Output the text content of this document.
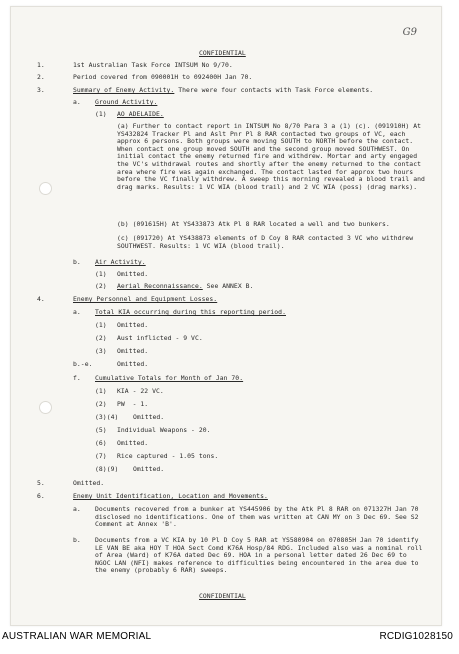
G9
CONFIDENTIAL
1.	1st Australian Task Force INTSUM No 9/70.
2.	Period covered from 090001H to 092400H Jan 70.
3.	Summary of Enemy Activity. There were four contacts with Task Force elements.
a. Ground Activity.
(1) AO ADELAIDE.
(a) Further to contact report in INTSUM No 8/70 Para 3 a (1) (c). (091910H) At YS432824 Tracker Pl and Aslt Pnr Pl 8 RAR contacted two groups of VC, each approx 6 persons. Both groups were moving SOUTH to NORTH before the contact. When contact one group moved SOUTH and the second group moved SOUTHWEST. On initial contact the enemy returned fire and withdrew. Mortar and arty engaged the VC's withdrawal routes and shortly after the enemy returned to the contact area where fire was again exchanged. The contact lasted for approx two hours before the VC finally withdrew. A sweep this morning revealed a blood trail and drag marks. Results: 1 VC WIA (blood trail) and 2 VC WIA (poss) (drag marks).
(b) (091615H) At YS433873 Atk Pl 8 RAR located a well and two bunkers.
(c) (091720) At YS438873 elements of D Coy 8 RAR contacted 3 VC who withdrew SOUTHWEST. Results: 1 VC WIA (blood trail).
b. Air Activity.
(1) Omitted.
(2) Aerial Reconnaissance. See ANNEX B.
4.	Enemy Personnel and Equipment Losses.
a. Total KIA occurring during this reporting period.
(1) Omitted.
(2) Aust inflicted - 9 VC.
(3) Omitted.
b.-e.	Omitted.
f. Cumulative Totals for Month of Jan 70.
(1) KIA - 22 VC.
(2) PW  - 1.
(3)(4) Omitted.
(5) Individual Weapons - 20.
(6) Omitted.
(7) Rice captured - 1.05 tons.
(8)(9) Omitted.
5.	Omitted.
6.	Enemy Unit Identification, Location and Movements.
a. Documents recovered from a bunker at YS445906 by the Atk Pl 8 RAR on 071327H Jan 70 disclosed no identifications. One of them was written at CAN MY on 3 Dec 69. See S2 Comment at Annex 'B'.
b. Documents from a VC KIA by 10 Pl D Coy 5 RAR at YS580904 on 070805H Jan 70 identify LE VAN BE aka HOY T HOA Sect Comd K76A Hosp/84 RDG. Included also was a nominal roll of Area (Ward) of K76A dated Dec 69. HOA in a personal letter dated 26 Dec 69 to NGOC LAN (NFI) makes reference to difficulties being encountered in the area due to the enemy (probably 6 RAR) sweeps.
CONFIDENTIAL
AUSTRALIAN WAR MEMORIAL	RCDIG1028150
